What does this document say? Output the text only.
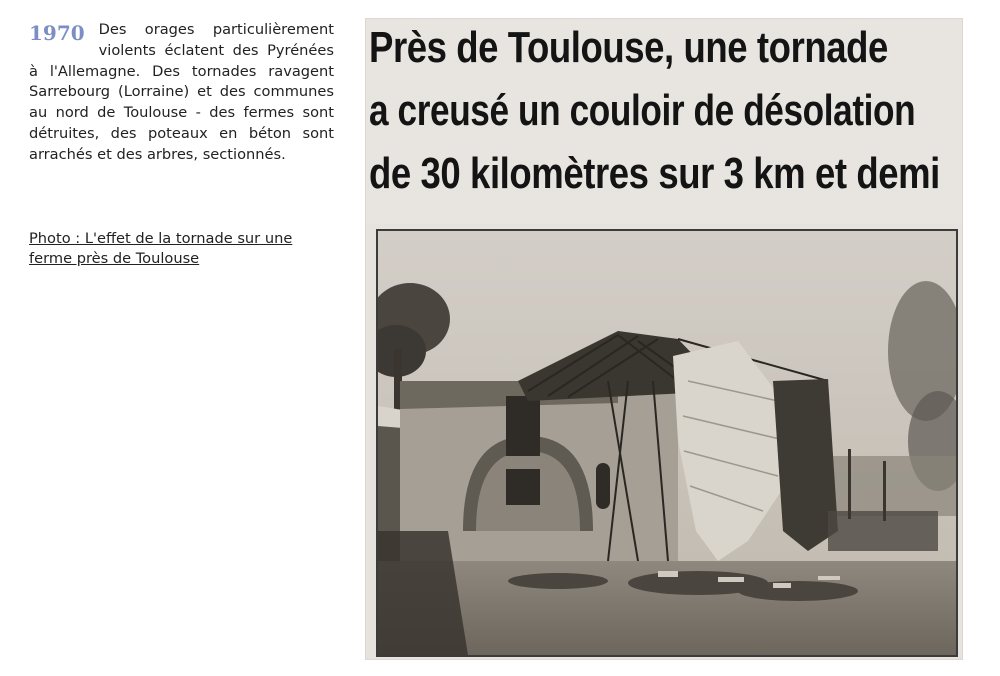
1970 Des orages particulièrement violents éclatent des Pyrénées à l'Allemagne. Des tornades ravagent Sarrebourg (Lorraine) et des communes au nord de Toulouse - des fermes sont détruites, des poteaux en béton sont arrachés et des arbres, sectionnés.
Photo : L'effet de la tornade sur une ferme près de Toulouse
Près de Toulouse, une tornade
a creusé un couloir de désolation
de 30 kilomètres sur 3 km et demi
